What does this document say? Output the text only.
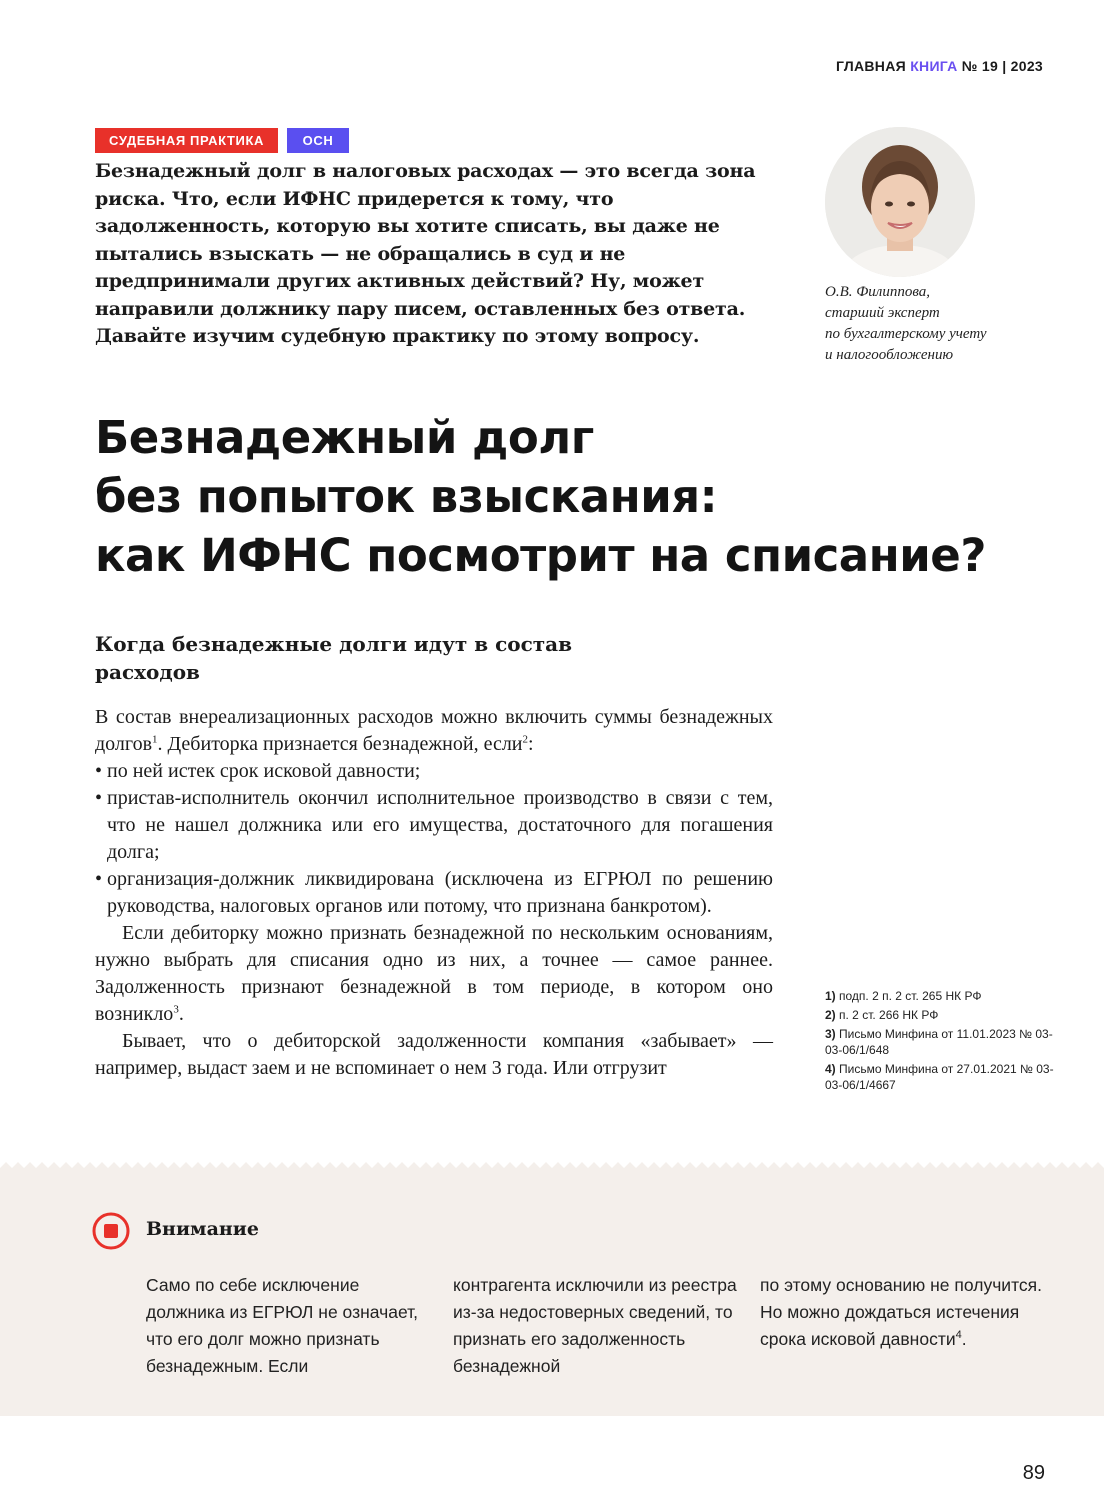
ГЛАВНАЯ КНИГА № 19 | 2023
СУДЕБНАЯ ПРАКТИКА	ОСН

Безнадежный долг в налоговых расходах — это всегда зона риска. Что, если ИФНС придерется к тому, что задолженность, которую вы хотите списать, вы даже не пытались взыскать — не обращались в суд и не предпринимали других активных действий? Ну, может направили должнику пару писем, оставленных без ответа. Давайте изучим судебную практику по этому вопросу.

О.В. Филиппова,
старший эксперт
по бухгалтерскому учету
и налогообложению
Безнадежный долг
без попыток взыскания:
как ИФНС посмотрит на списание?
Когда безнадежные долги идут в состав расходов

В состав внереализационных расходов можно включить суммы безнадежных долгов$^1$. Дебиторка признается безнадежной, если$^2$:

• по ней истек срок исковой давности;
• пристав-исполнитель окончил исполнительное производство в связи с тем, что не нашел должника или его имущества, достаточного для погашения долга;
• организация-должник ликвидирована (исключена из ЕГРЮЛ по решению руководства, налоговых органов или потому, что признана банкротом).

Если дебиторку можно признать безнадежной по нескольким основаниям, нужно выбрать для списания одно из них, а точнее — самое раннее. Задолженность признают безнадежной в том периоде, в котором оно возникло$^3$.

Бывает, что о дебиторской задолженности компания «забывает» — например, выдаст заем и не вспоминает о нем 3 года. Или отгрузит

1) подп. 2 п. 2 ст. 265 НК РФ
2) п. 2 ст. 266 НК РФ
3) Письмо Минфина от 11.01.2023 № 03-03-06/1/648
4) Письмо Минфина от 27.01.2021 № 03-03-06/1/4667
Внимание
Само по себе исключение должника из ЕГРЮЛ не означает, что его долг можно признать безнадежным. Если
контрагента исключили из реестра из-за недостоверных сведений, то признать его задолженность безнадежной
по этому основанию не получится. Но можно дождаться истечения срока исковой давности$^4$.
89
